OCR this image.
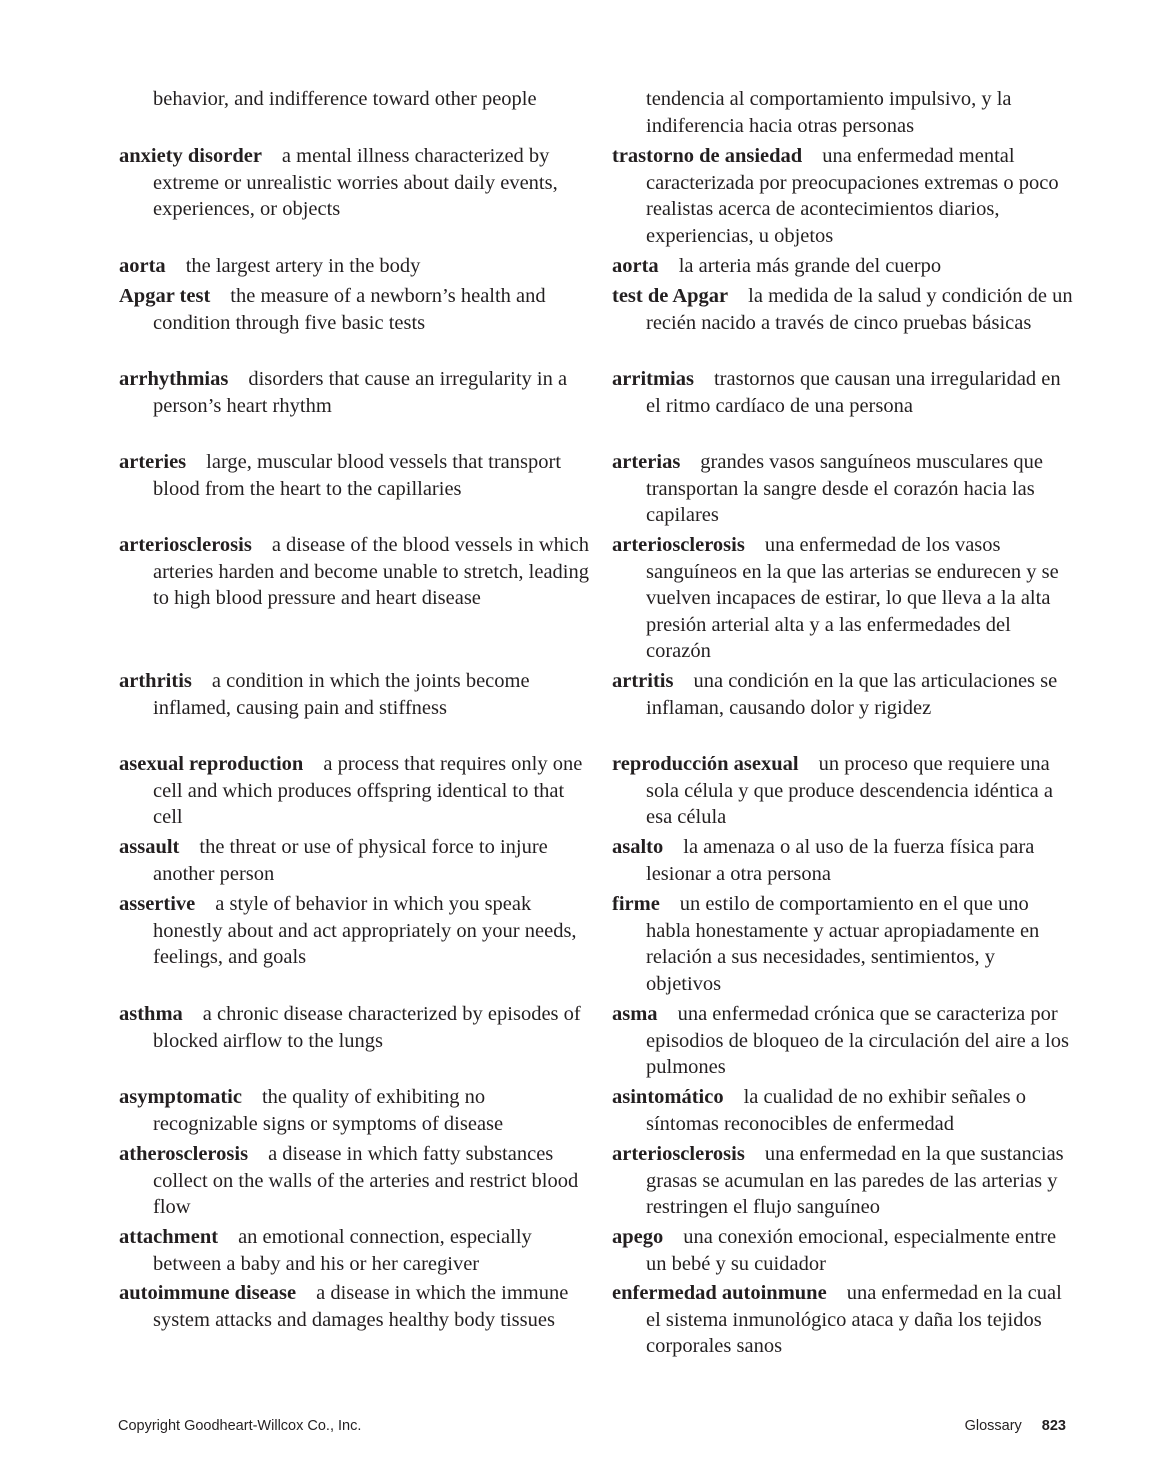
behavior, and indifference toward other people

anxiety disorder a mental illness characterized by extreme or unrealistic worries about daily events, experiences, or objects

aorta the largest artery in the body

Apgar test the measure of a newborn’s health and condition through five basic tests

arrhythmias disorders that cause an irregularity in a person’s heart rhythm

arteries large, muscular blood vessels that transport blood from the heart to the capillaries

arteriosclerosis a disease of the blood vessels in which arteries harden and become unable to stretch, leading to high blood pressure and heart disease

arthritis a condition in which the joints become inflamed, causing pain and stiffness

asexual reproduction a process that requires only one cell and which produces offspring identical to that cell

assault the threat or use of physical force to injure another person

assertive a style of behavior in which you speak honestly about and act appropriately on your needs, feelings, and goals

asthma a chronic disease characterized by episodes of blocked airflow to the lungs

asymptomatic the quality of exhibiting no recognizable signs or symptoms of disease

atherosclerosis a disease in which fatty substances collect on the walls of the arteries and restrict blood flow

attachment an emotional connection, especially between a baby and his or her caregiver

autoimmune disease a disease in which the immune system attacks and damages healthy body tissues

tendencia al comportamiento impulsivo, y la indiferencia hacia otras personas

trastorno de ansiedad una enfermedad mental caracterizada por preocupaciones extremas o poco realistas acerca de acontecimientos diarios, experiencias, u objetos

aorta la arteria más grande del cuerpo

test de Apgar la medida de la salud y condición de un recién nacido a través de cinco pruebas básicas

arritmias trastornos que causan una irregularidad en el ritmo cardíaco de una persona

arterias grandes vasos sanguíneos musculares que transportan la sangre desde el corazón hacia las capilares

arteriosclerosis una enfermedad de los vasos sanguíneos en la que las arterias se endurecen y se vuelven incapaces de estirar, lo que lleva a la alta presión arterial alta y a las enfermedades del corazón

artritis una condición en la que las articulaciones se inflaman, causando dolor y rigidez

reproducción asexual un proceso que requiere una sola célula y que produce descendencia idéntica a esa célula

asalto la amenaza o al uso de la fuerza física para lesionar a otra persona

firme un estilo de comportamiento en el que uno habla honestamente y actuar apropiadamente en relación a sus necesidades, sentimientos, y objetivos

asma una enfermedad crónica que se caracteriza por episodios de bloqueo de la circulación del aire a los pulmones

asintomático la cualidad de no exhibir señales o síntomas reconocibles de enfermedad

arteriosclerosis una enfermedad en la que sustancias grasas se acumulan en las paredes de las arterias y restringen el flujo sanguíneo

apego una conexión emocional, especialmente entre un bebé y su cuidador

enfermedad autoinmune una enfermedad en la cual el sistema inmunológico ataca y daña los tejidos corporales sanos

Copyright Goodheart-Willcox Co., Inc.	Glossary 823
